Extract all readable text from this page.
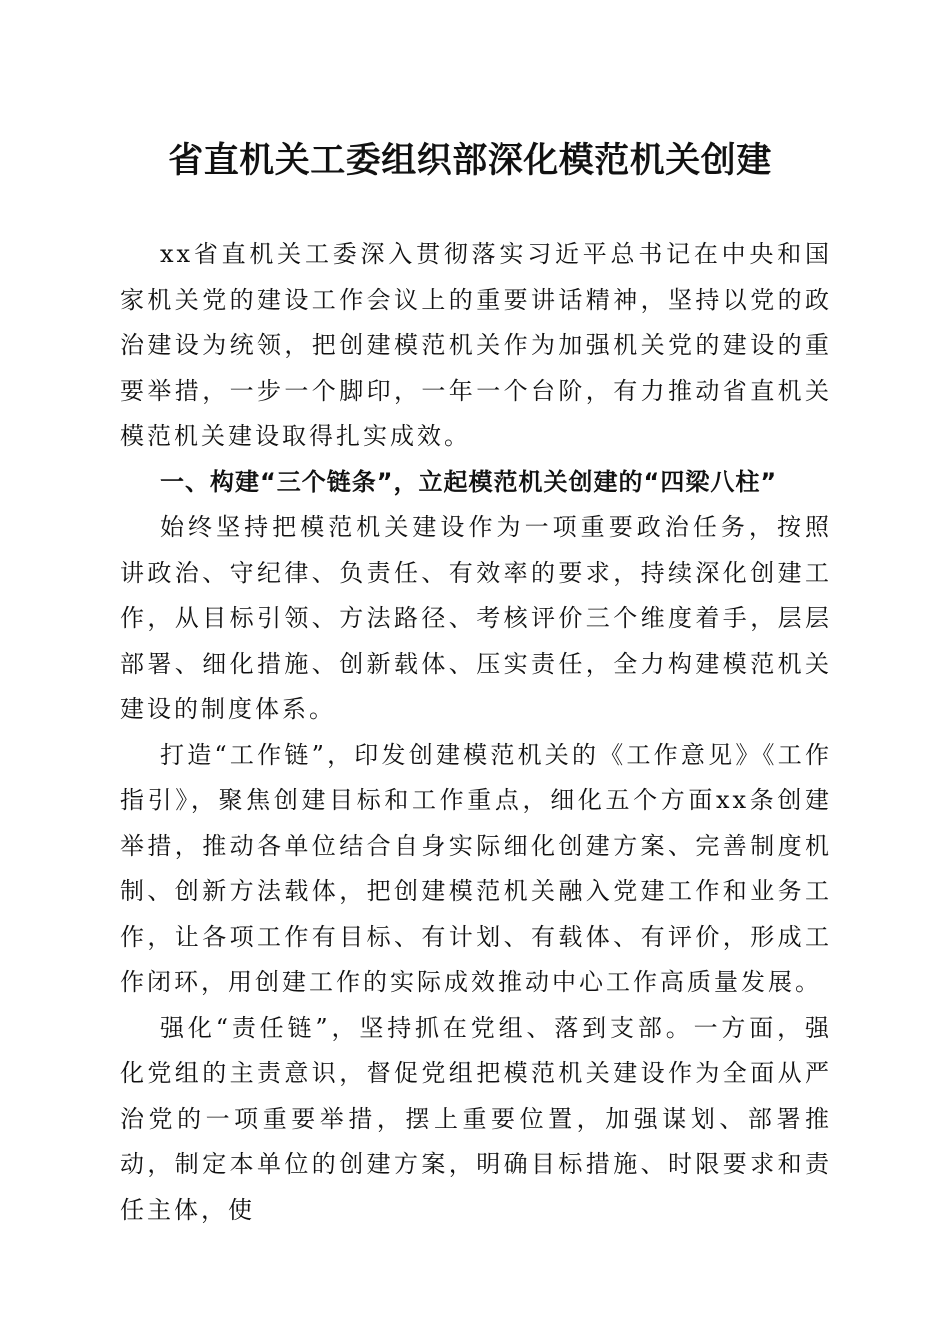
省直机关工委组织部深化模范机关创建

xx省直机关工委深入贯彻落实习近平总书记在中央和国家机关党的建设工作会议上的重要讲话精神，坚持以党的政治建设为统领，把创建模范机关作为加强机关党的建设的重要举措，一步一个脚印，一年一个台阶，有力推动省直机关模范机关建设取得扎实成效。

一、构建“三个链条”，立起模范机关创建的“四梁八柱”

始终坚持把模范机关建设作为一项重要政治任务，按照讲政治、守纪律、负责任、有效率的要求，持续深化创建工作，从目标引领、方法路径、考核评价三个维度着手，层层部署、细化措施、创新载体、压实责任，全力构建模范机关建设的制度体系。

打造“工作链”，印发创建模范机关的《工作意见》《工作指引》，聚焦创建目标和工作重点，细化五个方面xx条创建举措，推动各单位结合自身实际细化创建方案、完善制度机制、创新方法载体，把创建模范机关融入党建工作和业务工作，让各项工作有目标、有计划、有载体、有评价，形成工作闭环，用创建工作的实际成效推动中心工作高质量发展。

强化“责任链”，坚持抓在党组、落到支部。一方面，强化党组的主责意识，督促党组把模范机关建设作为全面从严治党的一项重要举措，摆上重要位置，加强谋划、部署推动，制定本单位的创建方案，明确目标措施、时限要求和责任主体，使
